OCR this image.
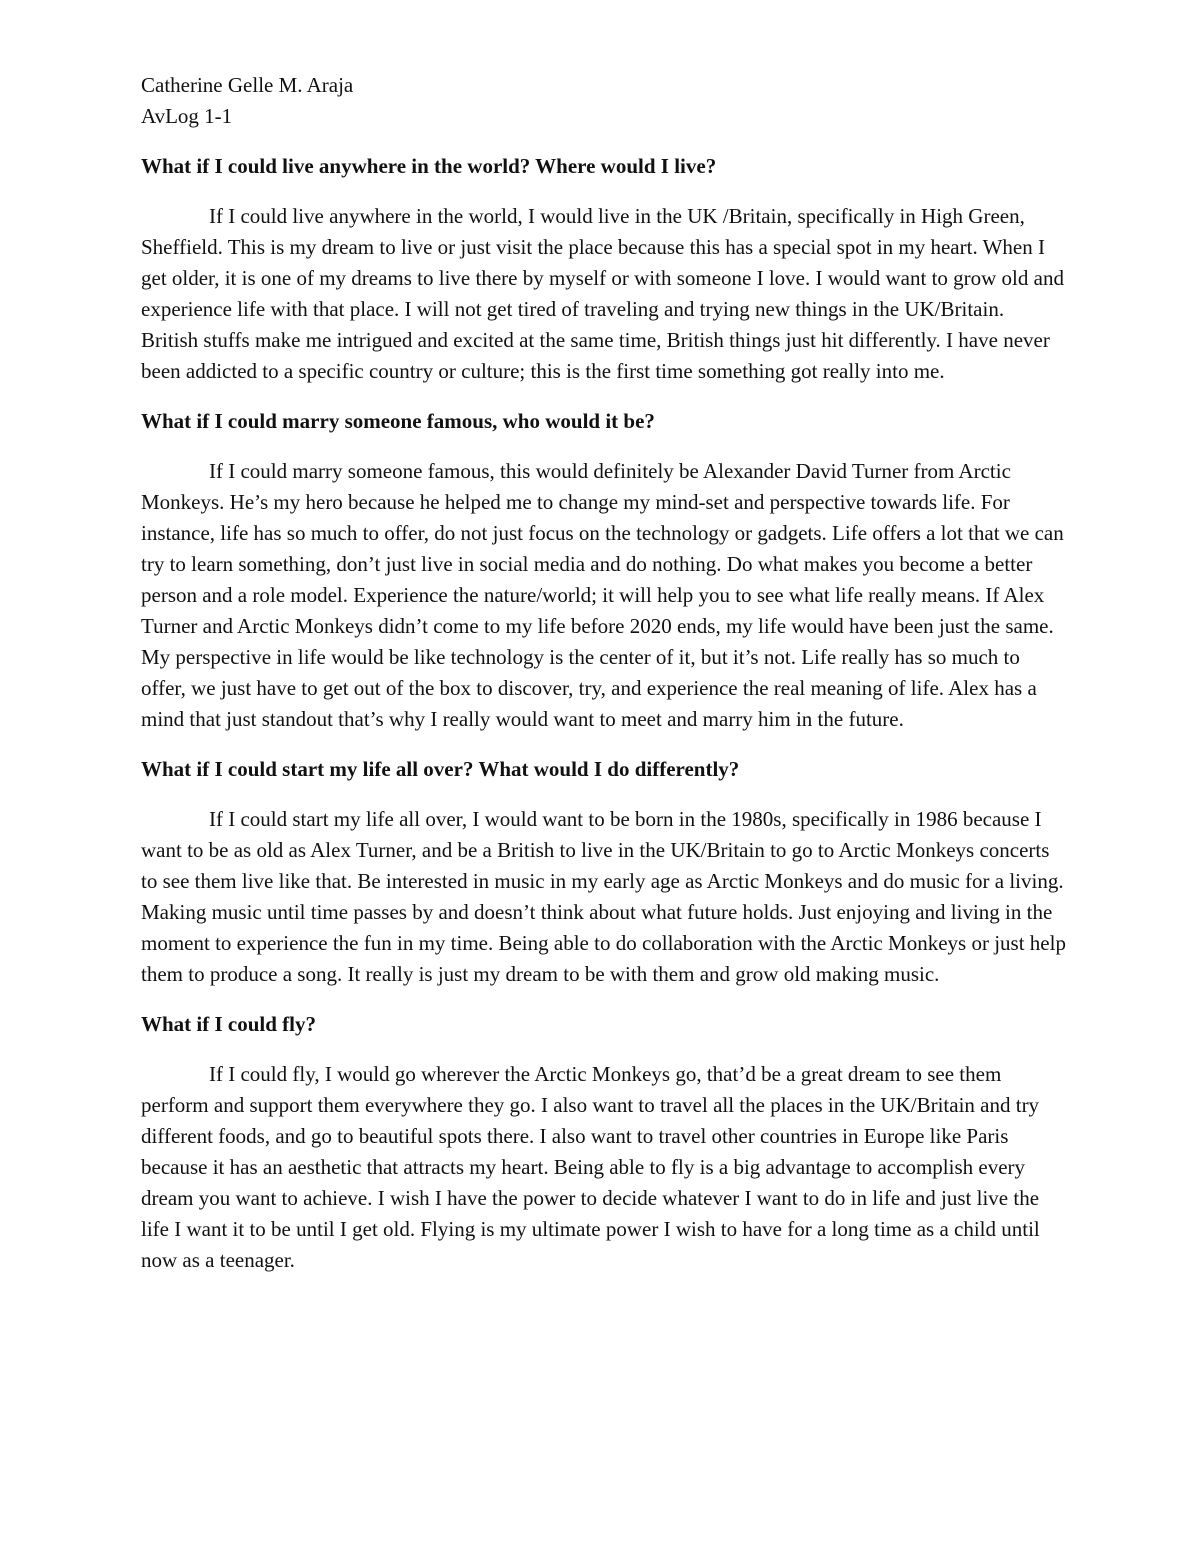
Catherine Gelle M. Araja

AvLog 1-1

What if I could live anywhere in the world? Where would I live?

If I could live anywhere in the world, I would live in the UK /Britain, specifically in High Green, Sheffield. This is my dream to live or just visit the place because this has a special spot in my heart. When I get older, it is one of my dreams to live there by myself or with someone I love. I would want to grow old and experience life with that place. I will not get tired of traveling and trying new things in the UK/Britain. British stuffs make me intrigued and excited at the same time, British things just hit differently. I have never been addicted to a specific country or culture; this is the first time something got really into me.

What if I could marry someone famous, who would it be?

If I could marry someone famous, this would definitely be Alexander David Turner from Arctic Monkeys. He’s my hero because he helped me to change my mind-set and perspective towards life. For instance, life has so much to offer, do not just focus on the technology or gadgets. Life offers a lot that we can try to learn something, don’t just live in social media and do nothing. Do what makes you become a better person and a role model. Experience the nature/world; it will help you to see what life really means. If Alex Turner and Arctic Monkeys didn’t come to my life before 2020 ends, my life would have been just the same. My perspective in life would be like technology is the center of it, but it’s not. Life really has so much to offer, we just have to get out of the box to discover, try, and experience the real meaning of life. Alex has a mind that just standout that’s why I really would want to meet and marry him in the future.

What if I could start my life all over? What would I do differently?

If I could start my life all over, I would want to be born in the 1980s, specifically in 1986 because I want to be as old as Alex Turner, and be a British to live in the UK/Britain to go to Arctic Monkeys concerts to see them live like that. Be interested in music in my early age as Arctic Monkeys and do music for a living. Making music until time passes by and doesn’t think about what future holds. Just enjoying and living in the moment to experience the fun in my time. Being able to do collaboration with the Arctic Monkeys or just help them to produce a song. It really is just my dream to be with them and grow old making music.

What if I could fly?

If I could fly, I would go wherever the Arctic Monkeys go, that’d be a great dream to see them perform and support them everywhere they go. I also want to travel all the places in the UK/Britain and try different foods, and go to beautiful spots there. I also want to travel other countries in Europe like Paris because it has an aesthetic that attracts my heart. Being able to fly is a big advantage to accomplish every dream you want to achieve. I wish I have the power to decide whatever I want to do in life and just live the life I want it to be until I get old. Flying is my ultimate power I wish to have for a long time as a child until now as a teenager.
